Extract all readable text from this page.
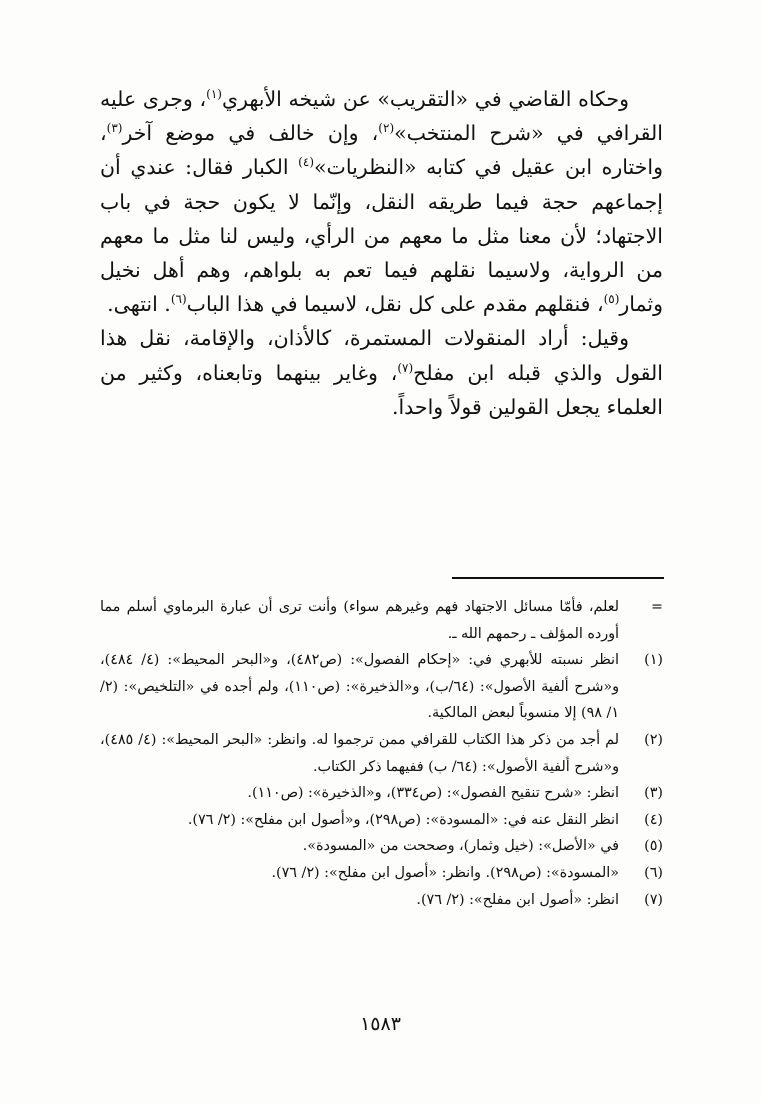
وحكاه القاضي في «التقريب» عن شيخه الأبهري$^{(١)}$، وجرى عليه القرافي في «شرح المنتخب»$^{(٢)}$، وإن خالف في موضع آخر$^{(٣)}$، واختاره ابن عقيل في كتابه «النظريات»$^{(٤)}$ الكبار فقال: عندي أن إجماعهم حجة فيما طريقه النقل، وإنّما لا يكون حجة في باب الاجتهاد؛ لأن معنا مثل ما معهم من الرأي، وليس لنا مثل ما معهم من الرواية، ولاسيما نقلهم فيما تعم به بلواهم، وهم أهل نخيل وثمار$^{(٥)}$، فنقلهم مقدم على كل نقل، لاسيما في هذا الباب$^{(٦)}$. انتهى.

وقيل: أراد المنقولات المستمرة، كالأذان، والإقامة، نقل هذا القول والذي قبله ابن مفلح$^{(٧)}$، وغاير بينهما وتابعناه، وكثير من العلماء يجعل القولين قولاً واحداً.

=
لعلم، فأمّا مسائل الاجتهاد فهم وغيرهم سواء) وأنت ترى أن عبارة البرماوي أسلم مما أورده المؤلف ـ رحمهم الله ـ.
(١)
انظر نسبته للأبهري في: «إحكام الفصول»: (ص٤٨٢)، و«البحر المحيط»: (٤/ ٤٨٤)، و«شرح ألفية الأصول»: (٦٤/ب)، و«الذخيرة»: (ص١١٠)، ولم أجده في «التلخيص»: (٢/ ١/ ٩٨) إلا منسوباً لبعض المالكية.
(٢)
لم أجد من ذكر هذا الكتاب للقرافي ممن ترجموا له. وانظر: «البحر المحيط»: (٤/ ٤٨٥)، و«شرح ألفية الأصول»: (٦٤/ ب) ففيهما ذكر الكتاب.
(٣)
انظر: «شرح تنقيح الفصول»: (ص٣٣٤)، و«الذخيرة»: (ص١١٠).
(٤)
انظر النقل عنه في: «المسودة»: (ص٢٩٨)، و«أصول ابن مفلح»: (٢/ ٧٦).
(٥)
في «الأصل»: (خيل وثمار)، وصححت من «المسودة».
(٦)
«المسودة»: (ص٢٩٨). وانظر: «أصول ابن مفلح»: (٢/ ٧٦).
(٧)
انظر: «أصول ابن مفلح»: (٢/ ٧٦).
١٥٨٣
